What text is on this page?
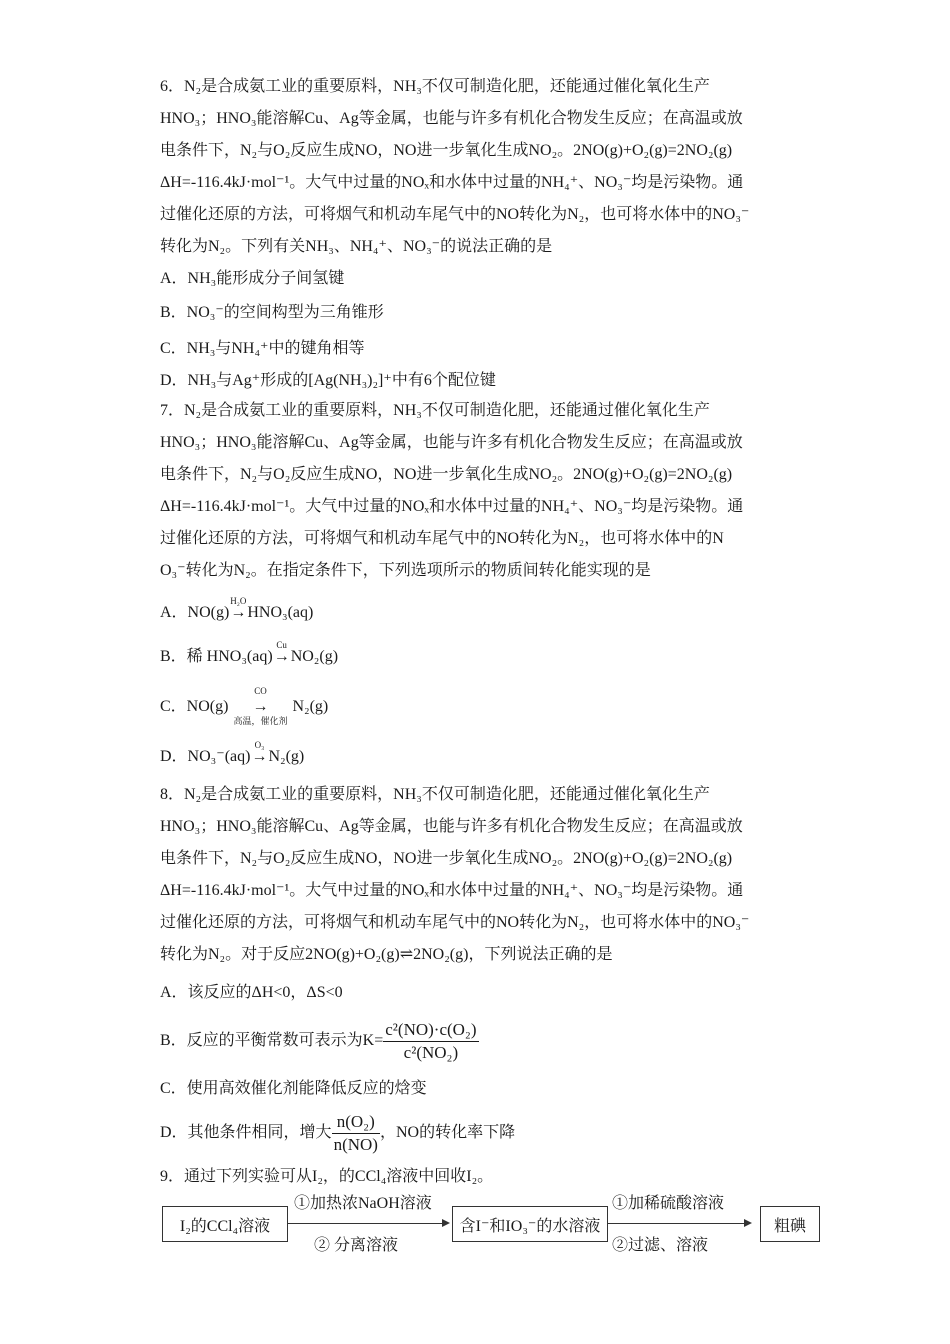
6．N₂是合成氨工业的重要原料，NH₃不仅可制造化肥，还能通过催化氧化生产
HNO₃；HNO₃能溶解Cu、Ag等金属，也能与许多有机化合物发生反应；在高温或放
电条件下，N₂与O₂反应生成NO，NO进一步氧化生成NO₂。2NO(g)+O₂(g)=2NO₂(g)
ΔH=-116.4kJ·mol⁻¹。大气中过量的NOₓ和水体中过量的NH₄⁺、NO₃⁻均是污染物。通
过催化还原的方法，可将烟气和机动车尾气中的NO转化为N₂，也可将水体中的NO₃⁻
转化为N₂。下列有关NH₃、NH₄⁺、NO₃⁻的说法正确的是
A．NH₃能形成分子间氢键
B．NO₃⁻的空间构型为三角锥形
C．NH₃与NH₄⁺中的键角相等
D．NH₃与Ag⁺形成的[Ag(NH₃)₂]⁺中有6个配位键
7．N₂是合成氨工业的重要原料，NH₃不仅可制造化肥，还能通过催化氧化生产
HNO₃；HNO₃能溶解Cu、Ag等金属，也能与许多有机化合物发生反应；在高温或放
电条件下，N₂与O₂反应生成NO，NO进一步氧化生成NO₂。2NO(g)+O₂(g)=2NO₂(g)
ΔH=-116.4kJ·mol⁻¹。大气中过量的NOₓ和水体中过量的NH₄⁺、NO₃⁻均是污染物。通
过催化还原的方法，可将烟气和机动车尾气中的NO转化为N₂，也可将水体中的N
O₃⁻转化为N₂。在指定条件下，下列选项所示的物质间转化能实现的是
A．NO(g)
H₂O
→HNO₃(aq)
B．稀 HNO₃(aq)
Cu
→NO₂(g)
C．NO(g)
CO
→
高温，催化剂
N₂(g)
D．NO₃⁻(aq)
O₃
→N₂(g)
8．N₂是合成氨工业的重要原料，NH₃不仅可制造化肥，还能通过催化氧化生产
HNO₃；HNO₃能溶解Cu、Ag等金属，也能与许多有机化合物发生反应；在高温或放
电条件下，N₂与O₂反应生成NO，NO进一步氧化生成NO₂。2NO(g)+O₂(g)=2NO₂(g)
ΔH=-116.4kJ·mol⁻¹。大气中过量的NOₓ和水体中过量的NH₄⁺、NO₃⁻均是污染物。通
过催化还原的方法，可将烟气和机动车尾气中的NO转化为N₂，也可将水体中的NO₃⁻
转化为N₂。对于反应2NO(g)+O₂(g)⇌2NO₂(g)，下列说法正确的是
A．该反应的ΔH<0，ΔS<0
B．反应的平衡常数可表示为$K= \frac{\text{c²(NO)·c(O₂)}}{\text{c²(NO₂)}}$
C．使用高效催化剂能降低反应的焓变
D．其他条件相同，增大 $\frac{\text{n(O₂)}}{n(NO)}$ ，NO的转化率下降
9．通过下列实验可从I₂，的CCl₄溶液中回收I₂。
I₂的CCl₄溶液
①加热浓NaOH溶液
② 分离溶液
含I⁻和IO₃⁻的水溶液
①加稀硫酸溶液
②过滤、溶液
粗碘
